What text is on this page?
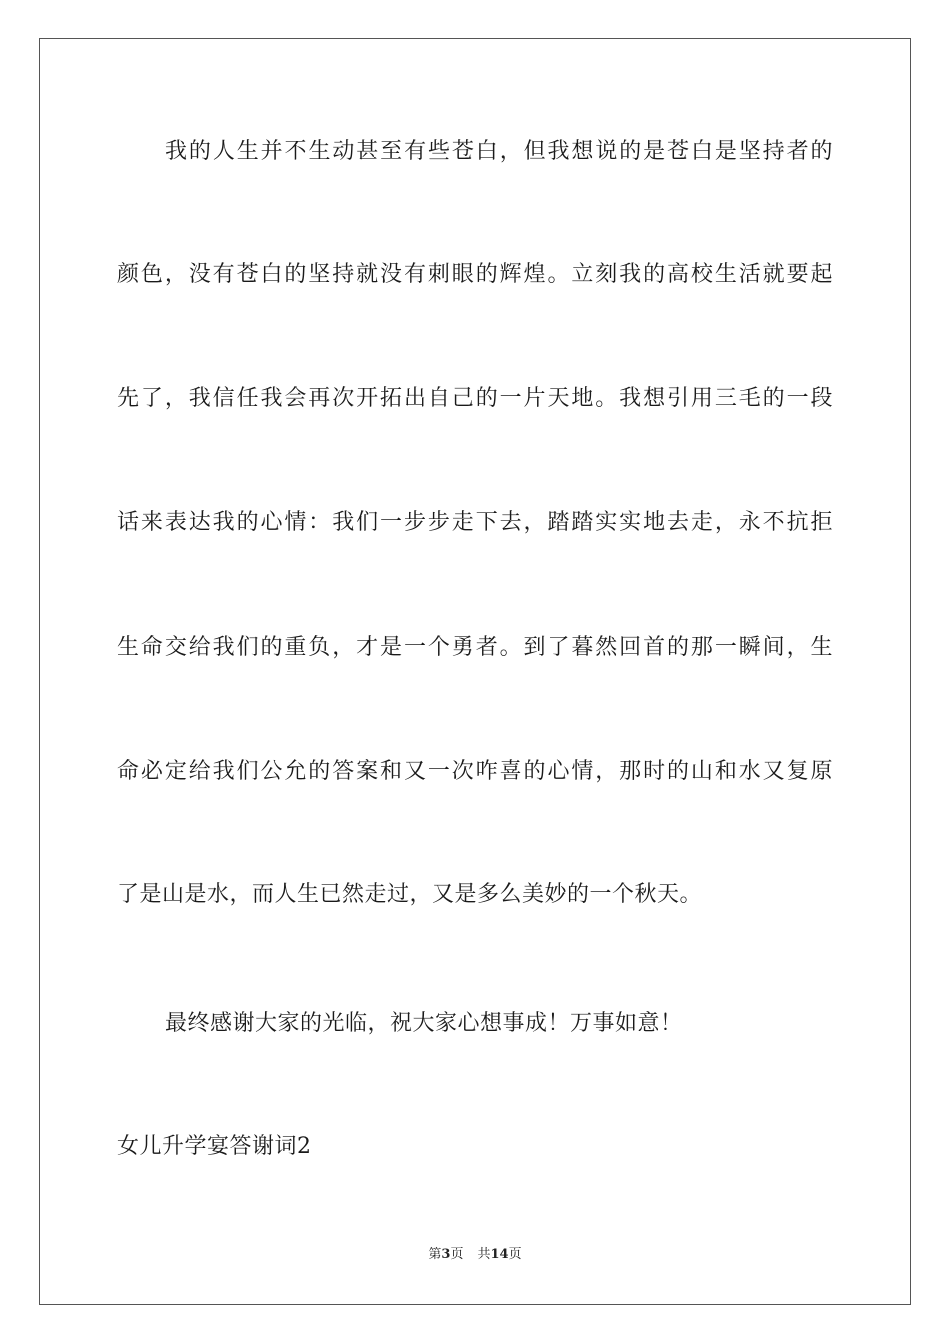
我的人生并不生动甚至有些苍白，但我想说的是苍白是坚持者的
颜色，没有苍白的坚持就没有刺眼的辉煌。立刻我的高校生活就要起
先了，我信任我会再次开拓出自己的一片天地。我想引用三毛的一段
话来表达我的心情：我们一步步走下去，踏踏实实地去走，永不抗拒
生命交给我们的重负，才是一个勇者。到了暮然回首的那一瞬间，生
命必定给我们公允的答案和又一次咋喜的心情，那时的山和水又复原
了是山是水，而人生已然走过，又是多么美妙的一个秋天。
最终感谢大家的光临，祝大家心想事成！万事如意！
女儿升学宴答谢词2
第3页 共14页
